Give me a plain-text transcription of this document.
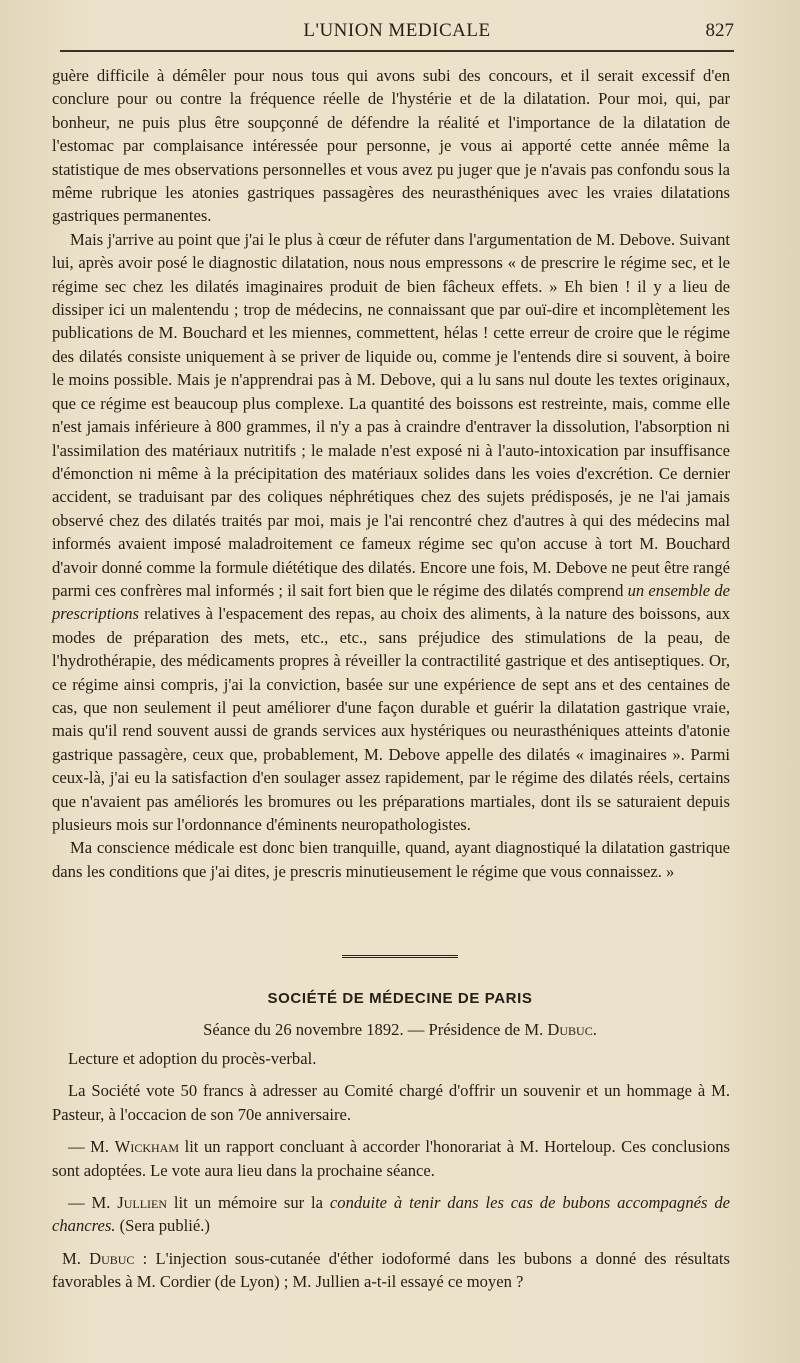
L'UNION MEDICALE	827

guère difficile à démêler pour nous tous qui avons subi des concours, et il serait excessif d'en conclure pour ou contre la fréquence réelle de l'hystérie et de la dilatation. Pour moi, qui, par bonheur, ne puis plus être soupçonné de défendre la réalité et l'importance de la dilatation de l'estomac par complaisance intéressée pour personne, je vous ai apporté cette année même la statistique de mes observations personnelles et vous avez pu juger que je n'avais pas confondu sous la même rubrique les atonies gastriques passagères des neurasthéniques avec les vraies dilatations gastriques permanentes.

Mais j'arrive au point que j'ai le plus à cœur de réfuter dans l'argumentation de M. Debove. Suivant lui, après avoir posé le diagnostic dilatation, nous nous empressons « de prescrire le régime sec, et le régime sec chez les dilatés imaginaires produit de bien fâcheux effets. » Eh bien ! il y a lieu de dissiper ici un malentendu ; trop de médecins, ne connaissant que par ouï-dire et incomplètement les publications de M. Bouchard et les miennes, commettent, hélas ! cette erreur de croire que le régime des dilatés consiste uniquement à se priver de liquide ou, comme je l'entends dire si souvent, à boire le moins possible. Mais je n'apprendrai pas à M. Debove, qui a lu sans nul doute les textes originaux, que ce régime est beaucoup plus complexe. La quantité des boissons est restreinte, mais, comme elle n'est jamais inférieure à 800 grammes, il n'y a pas à craindre d'entraver la dissolution, l'absorption ni l'assimilation des matériaux nutritifs ; le malade n'est exposé ni à l'auto-intoxication par insuffisance d'émonction ni même à la précipitation des matériaux solides dans les voies d'excrétion. Ce dernier accident, se traduisant par des coliques néphrétiques chez des sujets prédisposés, je ne l'ai jamais observé chez des dilatés traités par moi, mais je l'ai rencontré chez d'autres à qui des médecins mal informés avaient imposé maladroitement ce fameux régime sec qu'on accuse à tort M. Bouchard d'avoir donné comme la formule diététique des dilatés. Encore une fois, M. Debove ne peut être rangé parmi ces confrères mal informés ; il sait fort bien que le régime des dilatés comprend un ensemble de prescriptions relatives à l'espacement des repas, au choix des aliments, à la nature des boissons, aux modes de préparation des mets, etc., etc., sans préjudice des stimulations de la peau, de l'hydrothérapie, des médicaments propres à réveiller la contractilité gastrique et des antiseptiques. Or, ce régime ainsi compris, j'ai la conviction, basée sur une expérience de sept ans et des centaines de cas, que non seulement il peut améliorer d'une façon durable et guérir la dilatation gastrique vraie, mais qu'il rend souvent aussi de grands services aux hystériques ou neurasthéniques atteints d'atonie gastrique passagère, ceux que, probablement, M. Debove appelle des dilatés « imaginaires ». Parmi ceux-là, j'ai eu la satisfaction d'en soulager assez rapidement, par le régime des dilatés réels, certains que n'avaient pas améliorés les bromures ou les préparations martiales, dont ils se saturaient depuis plusieurs mois sur l'ordonnance d'éminents neuropathologistes.

Ma conscience médicale est donc bien tranquille, quand, ayant diagnostiqué la dilatation gastrique dans les conditions que j'ai dites, je prescris minutieusement le régime que vous connaissez. »

SOCIÉTÉ DE MÉDECINE DE PARIS
Séance du 26 novembre 1892. — Présidence de M. Dubuc.

Lecture et adoption du procès-verbal.

La Société vote 50 francs à adresser au Comité chargé d'offrir un souvenir et un hommage à M. Pasteur, à l'occacion de son 70e anniversaire.

— M. Wickham lit un rapport concluant à accorder l'honorariat à M. Horteloup. Ces conclusions sont adoptées. Le vote aura lieu dans la prochaine séance.

— M. Jullien lit un mémoire sur la conduite à tenir dans les cas de bubons accompagnés de chancres. (Sera publié.)

M. Dubuc : L'injection sous-cutanée d'éther iodoformé dans les bubons a donné des résultats favorables à M. Cordier (de Lyon) ; M. Jullien a-t-il essayé ce moyen ?
